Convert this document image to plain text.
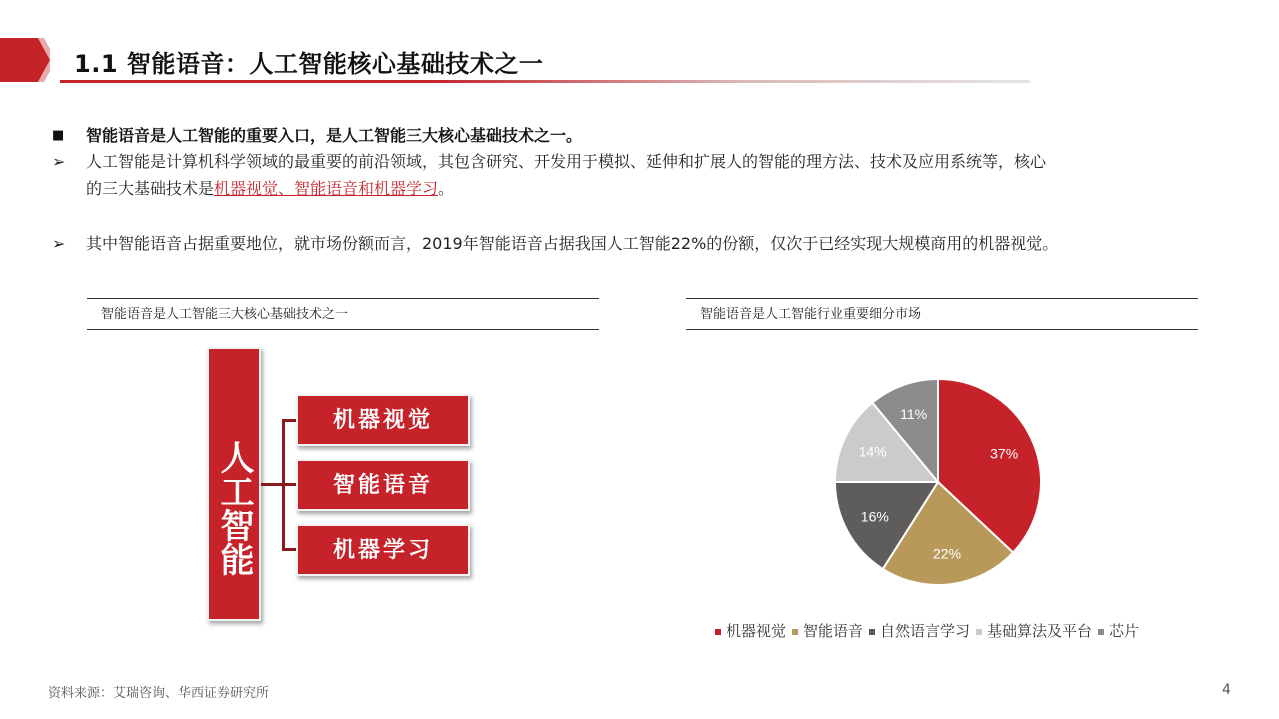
1.1 智能语音：人工智能核心基础技术之一
■ 智能语音是人工智能的重要入口，是人工智能三大核心基础技术之一。
➢ 人工智能是计算机科学领域的最重要的前沿领域，其包含研究、开发用于模拟、延伸和扩展人的智能的理方法、技术及应用系统等，核心
的三大基础技术是机器视觉、智能语音和机器学习。
➢ 其中智能语音占据重要地位，就市场份额而言，2019年智能语音占据我国人工智能22%的份额，仅次于已经实现大规模商用的机器视觉。
智能语音是人工智能三大核心基础技术之一	智能语音是人工智能行业重要细分市场
人工智能
机器视觉
智能语音
机器学习
37%
22%
16%
14%
11%
机器视觉 智能语音 自然语言学习 基础算法及平台 芯片
资料来源：艾瑞咨询、华西证券研究所	4
